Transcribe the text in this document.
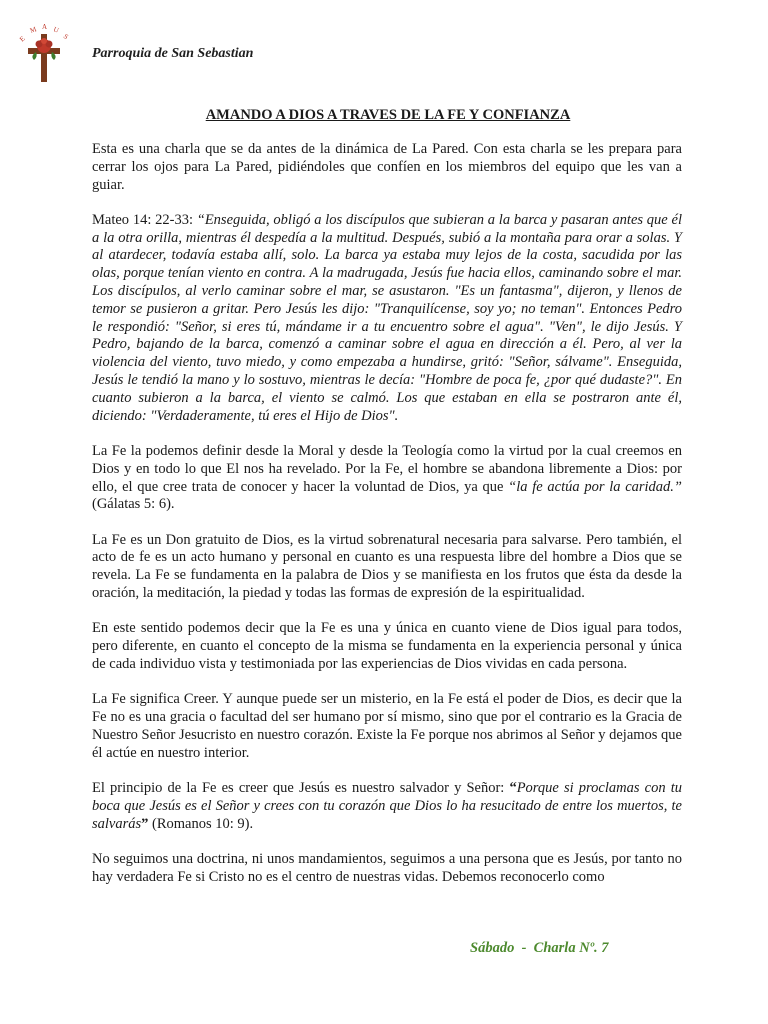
E
M A U
S
Parroquia de San Sebastian
AMANDO A DIOS A TRAVES DE LA FE Y CONFIANZA

Esta es una charla que se da antes de la dinámica de La Pared. Con esta charla se les prepara para cerrar los ojos para La Pared, pidiéndoles que confíen en los miembros del equipo que les van a guiar.

Mateo 14: 22-33: “Enseguida, obligó a los discípulos que subieran a la barca y pasaran antes que él a la otra orilla, mientras él despedía a la multitud. Después, subió a la montaña para orar a solas. Y al atardecer, todavía estaba allí, solo. La barca ya estaba muy lejos de la costa, sacudida por las olas, porque tenían viento en contra. A la madrugada, Jesús fue hacia ellos, caminando sobre el mar. Los discípulos, al verlo caminar sobre el mar, se asustaron. "Es un fantasma", dijeron, y llenos de temor se pusieron a gritar. Pero Jesús les dijo: "Tranquilícense, soy yo; no teman". Entonces Pedro le respondió: "Señor, si eres tú, mándame ir a tu encuentro sobre el agua". "Ven", le dijo Jesús. Y Pedro, bajando de la barca, comenzó a caminar sobre el agua en dirección a él. Pero, al ver la violencia del viento, tuvo miedo, y como empezaba a hundirse, gritó: "Señor, sálvame". Enseguida, Jesús le tendió la mano y lo sostuvo, mientras le decía: "Hombre de poca fe, ¿por qué dudaste?". En cuanto subieron a la barca, el viento se calmó. Los que estaban en ella se postraron ante él, diciendo: "Verdaderamente, tú eres el Hijo de Dios".

La Fe la podemos definir desde la Moral y desde la Teología como la virtud por la cual creemos en Dios y en todo lo que El nos ha revelado. Por la Fe, el hombre se abandona libremente a Dios: por ello, el que cree trata de conocer y hacer la voluntad de Dios, ya que “la fe actúa por la caridad.” (Gálatas 5: 6).

La Fe es un Don gratuito de Dios, es la virtud sobrenatural necesaria para salvarse. Pero también, el acto de fe es un acto humano y personal en cuanto es una respuesta libre del hombre a Dios que se revela. La Fe se fundamenta en la palabra de Dios y se manifiesta en los frutos que ésta da desde la oración, la meditación, la piedad y todas las formas de expresión de la espiritualidad.

En este sentido podemos decir que la Fe es una y única en cuanto viene de Dios igual para todos, pero diferente, en cuanto el concepto de la misma se fundamenta en la experiencia personal y única de cada individuo vista y testimoniada por las experiencias de Dios vividas en cada persona.

La Fe significa Creer. Y aunque puede ser un misterio, en la Fe está el poder de Dios, es decir que la Fe no es una gracia o facultad del ser humano por sí mismo, sino que por el contrario es la Gracia de Nuestro Señor Jesucristo en nuestro corazón. Existe la Fe porque nos abrimos al Señor y dejamos que él actúe en nuestro interior.

El principio de la Fe es creer que Jesús es nuestro salvador y Señor: “Porque si proclamas con tu boca que Jesús es el Señor y crees con tu corazón que Dios lo ha resucitado de entre los muertos, te salvarás” (Romanos 10: 9).

No seguimos una doctrina, ni unos mandamientos, seguimos a una persona que es Jesús, por tanto no hay verdadera Fe si Cristo no es el centro de nuestras vidas. Debemos reconocerlo como

Sábado  -  Charla Nº. 7
